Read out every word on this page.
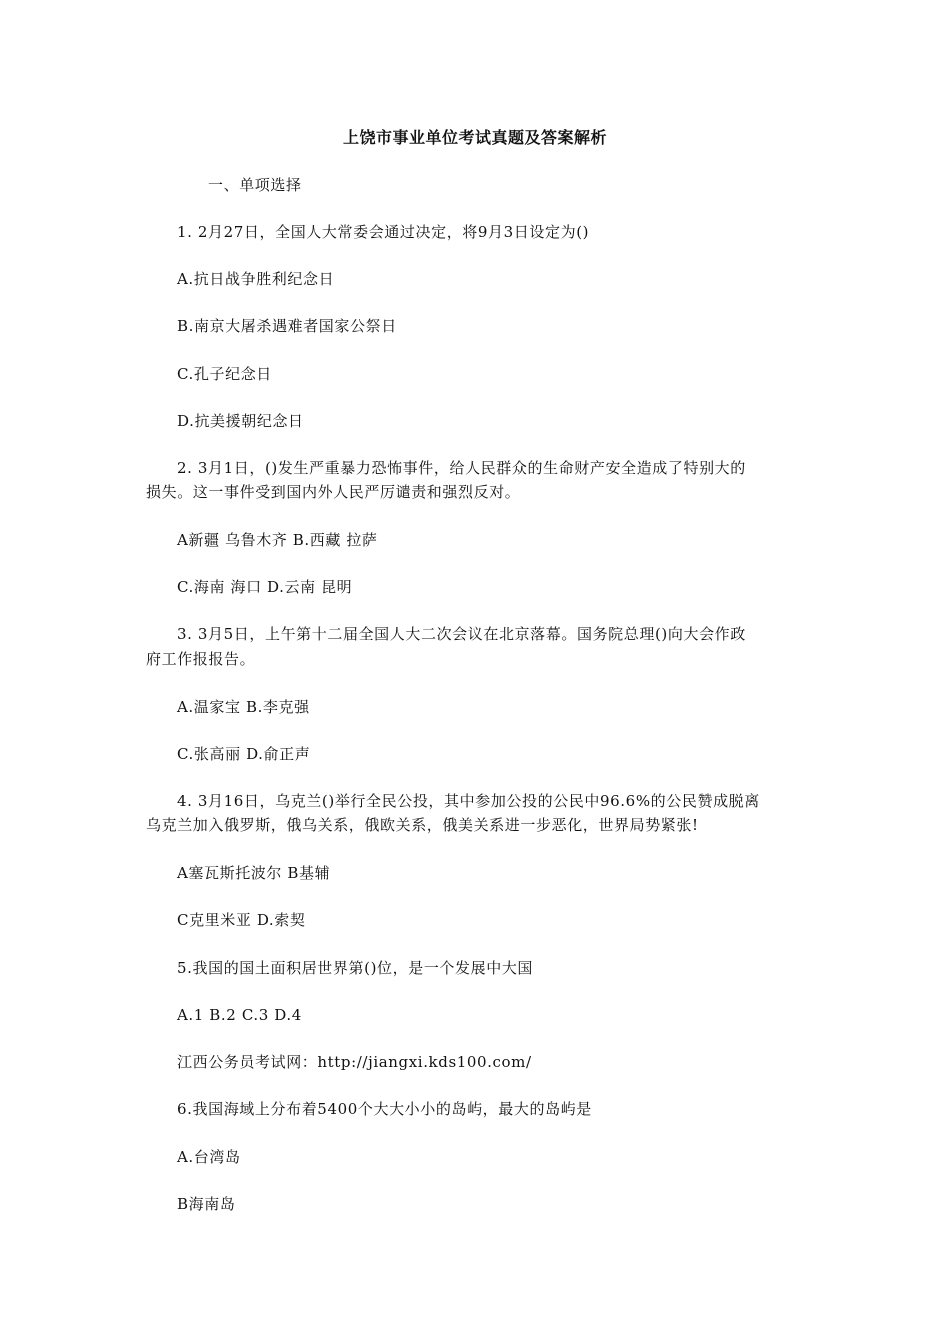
上饶市事业单位考试真题及答案解析
一、单项选择
1. 2月27日，全国人大常委会通过决定，将9月3日设定为()
A.抗日战争胜利纪念日
B.南京大屠杀遇难者国家公祭日
C.孔子纪念日
D.抗美援朝纪念日
2. 3月1日，()发生严重暴力恐怖事件，给人民群众的生命财产安全造成了特别大的
损失。这一事件受到国内外人民严厉谴责和强烈反对。
A新疆 乌鲁木齐 B.西藏 拉萨
C.海南 海口 D.云南 昆明
3. 3月5日，上午第十二届全国人大二次会议在北京落幕。国务院总理()向大会作政
府工作报报告。
A.温家宝 B.李克强
C.张高丽 D.俞正声
4. 3月16日，乌克兰()举行全民公投，其中参加公投的公民中96.6%的公民赞成脱离
乌克兰加入俄罗斯，俄乌关系，俄欧关系，俄美关系进一步恶化，世界局势紧张!
A塞瓦斯托波尔 B基辅
C克里米亚 D.索契
5.我国的国土面积居世界第()位，是一个发展中大国
A.1 B.2 C.3 D.4
江西公务员考试网：http://jiangxi.kds100.com/
6.我国海域上分布着5400个大大小小的岛屿，最大的岛屿是
A.台湾岛
B海南岛
